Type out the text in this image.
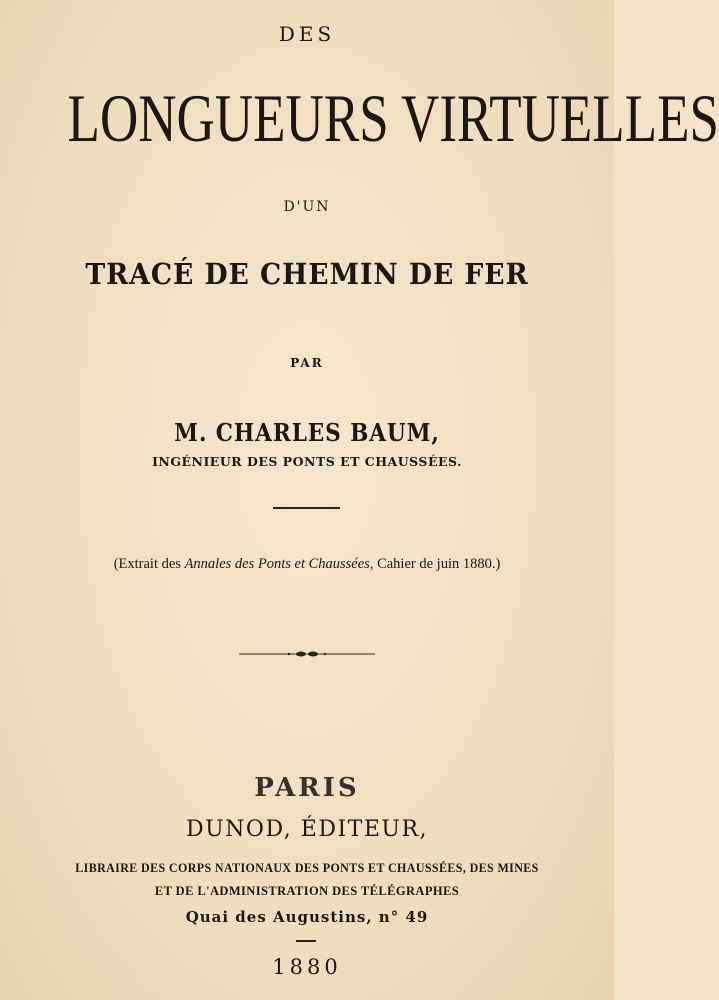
DES
LONGUEURS VIRTUELLES
D'UN
TRACÉ DE CHEMIN DE FER
PAR
M. CHARLES BAUM,
INGÉNIEUR DES PONTS ET CHAUSSÉES.
(Extrait des Annales des Ponts et Chaussées, Cahier de juin 1880.)
PARIS
DUNOD, ÉDITEUR,
LIBRAIRE DES CORPS NATIONAUX DES PONTS ET CHAUSSÉES, DES MINES
ET DE L'ADMINISTRATION DES TÉLÉGRAPHES
Quai des Augustins, n° 49
1880
